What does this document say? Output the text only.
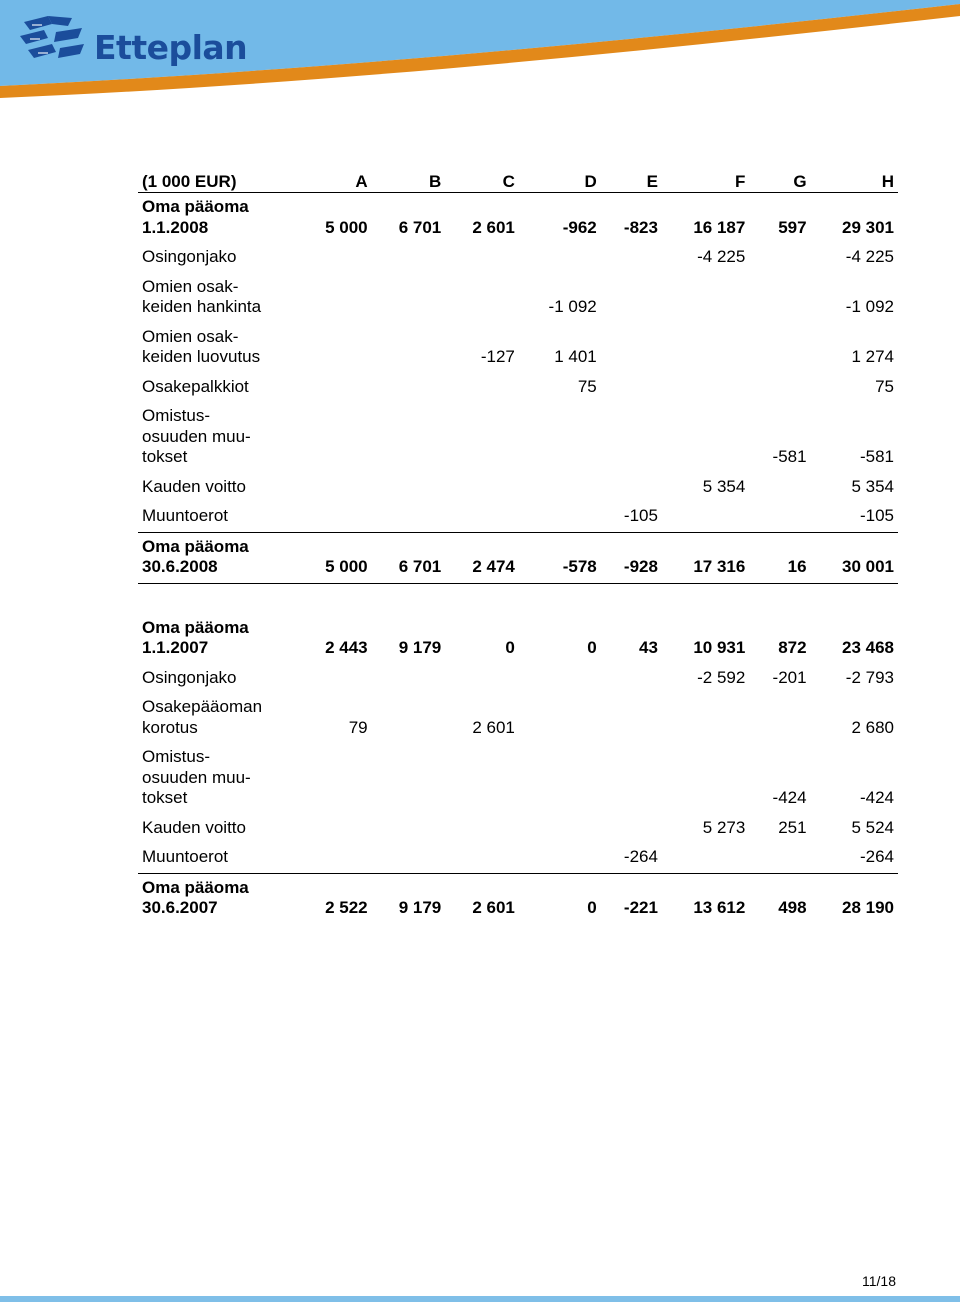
Etteplan
(1 000 EUR)	A	B	C	D	E	F	G	H

Oma pääoma
1.1.2008	5 000	6 701	2 601	-962	-823	16 187	597	29 301

Osingonjako						-4 225		-4 225

Omien osak-
keiden hankinta				-1 092				-1 092

Omien osak-
keiden luovutus			-127	1 401				1 274

Osakepalkkiot				75				75

Omistus-
osuuden muu-
tokset							-581	-581

Kauden voitto						5 354		5 354

Muuntoerot					-105			-105

Oma pääoma
30.6.2008	5 000	6 701	2 474	-578	-928	17 316	16	30 001

Oma pääoma
1.1.2007	2 443	9 179	0	0	43	10 931	872	23 468

Osingonjako						-2 592	-201	-2 793

Osakepääoman
korotus	79		2 601					2 680

Omistus-
osuuden muu-
tokset							-424	-424

Kauden voitto						5 273	251	5 524

Muuntoerot					-264			-264

Oma pääoma
30.6.2007	2 522	9 179	2 601	0	-221	13 612	498	28 190
11/18
